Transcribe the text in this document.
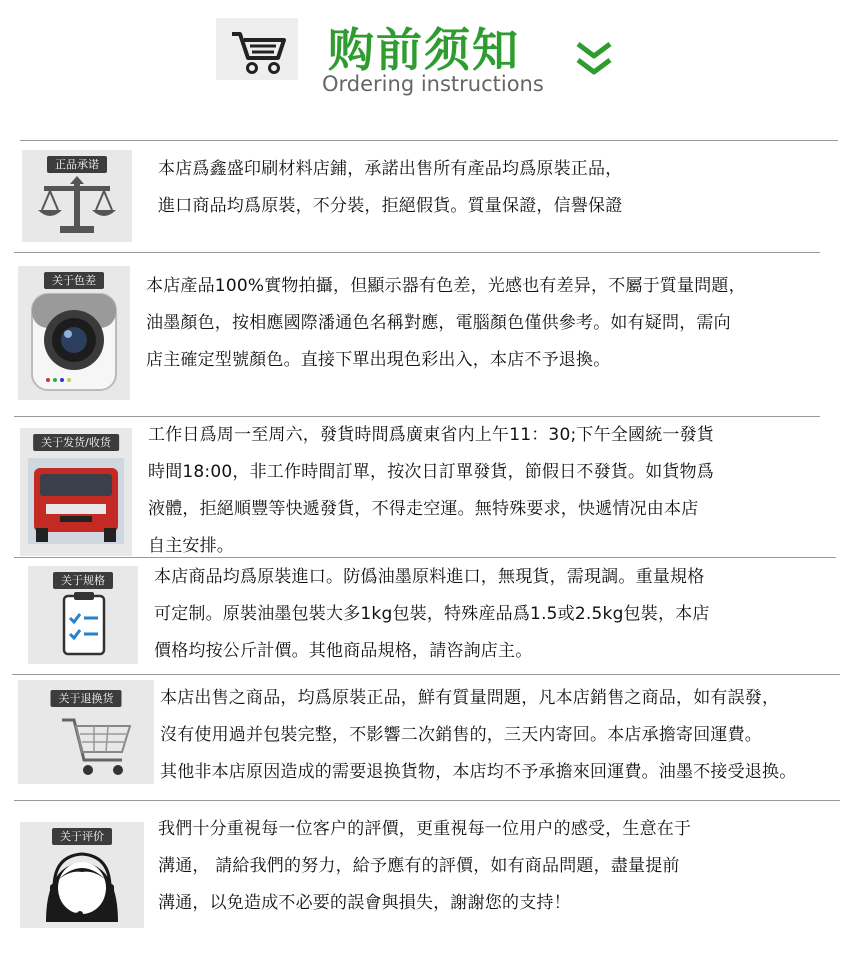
购前须知
Ordering instructions
正品承诺	本店爲鑫盛印刷材料店鋪，承諾出售所有產品均爲原裝正品，
進口商品均爲原裝，不分裝，拒絕假貨。質量保證，信譽保證
关于色差	本店產品100%實物拍攝，但顯示器有色差，光感也有差异，不屬于質量問題，
油墨顏色，按相應國際潘通色名稱對應，電腦顏色僅供參考。如有疑問，需向
店主確定型號顏色。直接下單出現色彩出入，本店不予退換。
关于发货/收货	工作日爲周一至周六，發貨時間爲廣東省内上午11：30;下午全國統一發貨
時間18:00，非工作時間訂單，按次日訂單發貨，節假日不發貨。如貨物爲
液體，拒絕順豐等快遞發貨，不得走空運。無特殊要求，快遞情况由本店
自主安排。
关于规格	本店商品均爲原裝進口。防僞油墨原料進口，無現貨，需現調。重量規格
可定制。原裝油墨包裝大多1kg包裝，特殊産品爲1.5或2.5kg包裝，本店
價格均按公斤計價。其他商品規格，請咨詢店主。
关于退换货	本店出售之商品，均爲原裝正品，鮮有質量問題，凡本店銷售之商品，如有誤發，
沒有使用過并包裝完整，不影響二次銷售的，三天内寄回。本店承擔寄回運費。
其他非本店原因造成的需要退换貨物，本店均不予承擔來回運費。油墨不接受退换。
关于评价	我們十分重視每一位客户的評價，更重視每一位用户的感受，生意在于
溝通， 請給我們的努力，給予應有的評價，如有商品問題，盡量提前
溝通，以免造成不必要的誤會與損失，謝謝您的支持！
